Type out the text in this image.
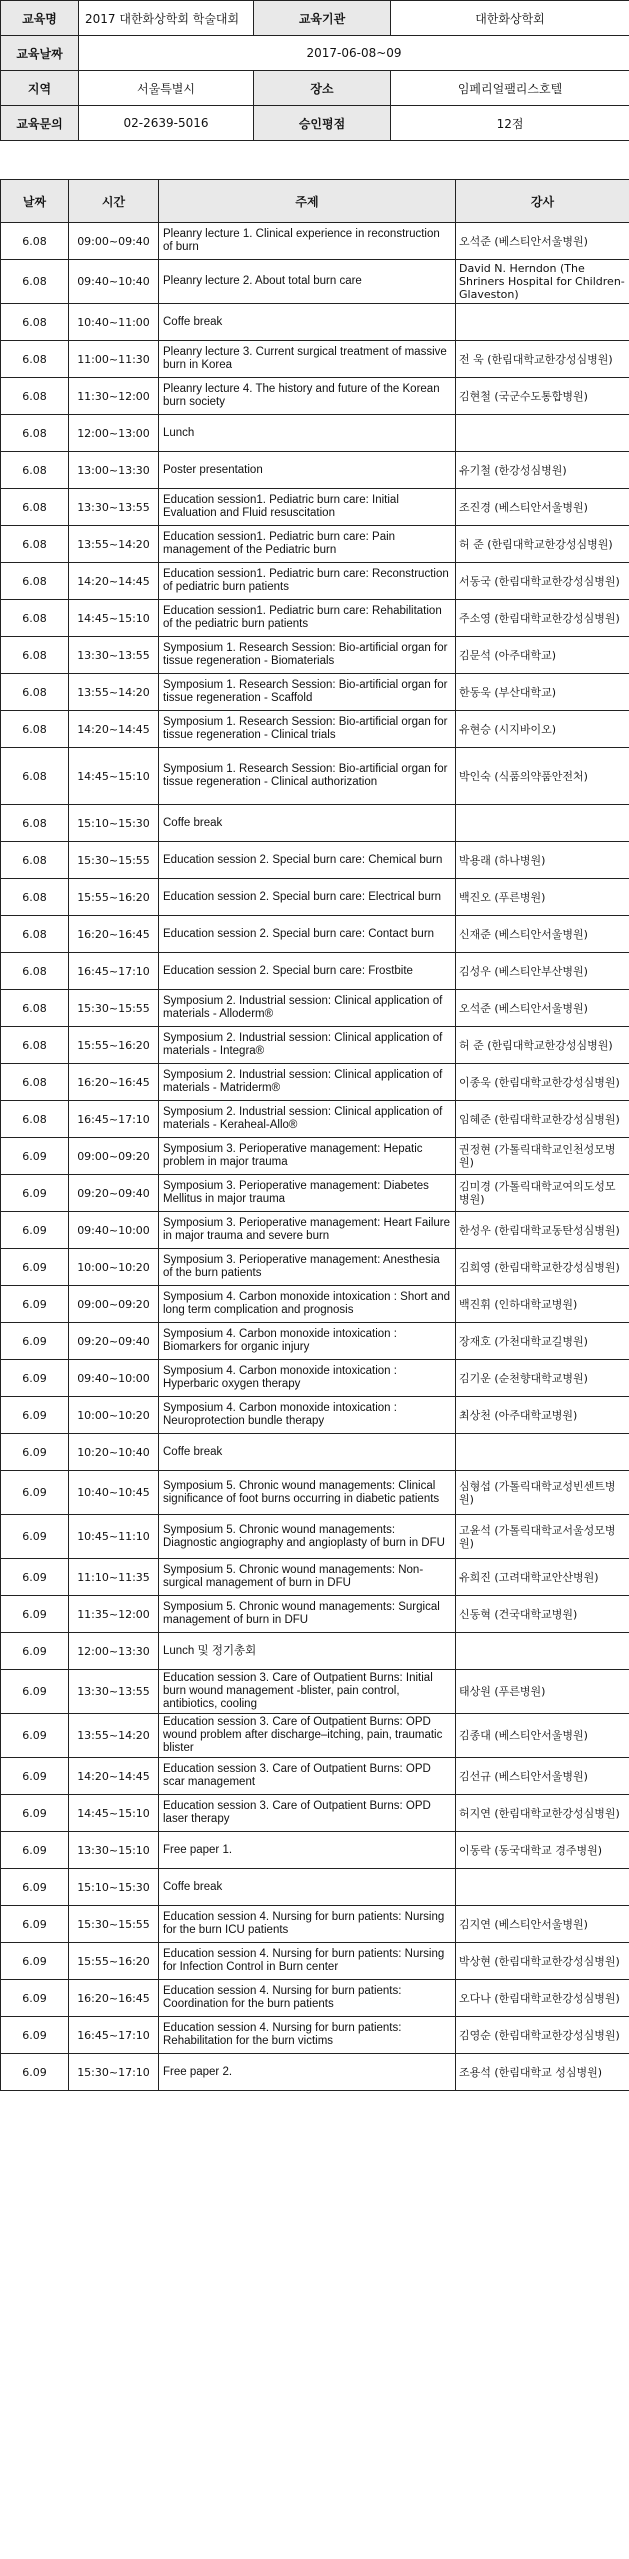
교육명	2017 대한화상학회 학술대회	교육기관	대한화상학회
교육날짜	2017-06-08~09		
지역	서울특별시	장소	임페리얼팰리스호텔
교육문의	02-2639-5016	승인평점	12점
날짜	시간	주제	강사
6.08	09:00~09:40	Pleanry lecture 1. Clinical experience in reconstruction of burn	오석준 (베스티안서울병원)
6.08	09:40~10:40	Pleanry lecture 2. About total burn care	David N. Herndon (The Shriners Hospital for Children-Glaveston)
6.08	10:40~11:00	Coffe break	
6.08	11:00~11:30	Pleanry lecture 3. Current surgical treatment of massive burn in Korea	전 욱 (한림대학교한강성심병원)
6.08	11:30~12:00	Pleanry lecture 4. The history and future of the Korean burn society	김현철 (국군수도통합병원)
6.08	12:00~13:00	Lunch	
6.08	13:00~13:30	Poster presentation	유기철 (한강성심병원)
6.08	13:30~13:55	Education session1. Pediatric burn care: Initial Evaluation and Fluid resuscitation	조진경 (베스티안서울병원)
6.08	13:55~14:20	Education session1. Pediatric burn care: Pain management of the Pediatric burn	허 준 (한림대학교한강성심병원)
6.08	14:20~14:45	Education session1. Pediatric burn care: Reconstruction of pediatric burn patients	서동국 (한림대학교한강성심병원)
6.08	14:45~15:10	Education session1. Pediatric burn care: Rehabilitation of the pediatric burn patients	주소영 (한림대학교한강성심병원)
6.08	13:30~13:55	Symposium 1. Research Session: Bio-artificial organ for tissue regeneration - Biomaterials	김문석 (아주대학교)
6.08	13:55~14:20	Symposium 1. Research Session: Bio-artificial organ for tissue regeneration - Scaffold	한동욱 (부산대학교)
6.08	14:20~14:45	Symposium 1. Research Session: Bio-artificial organ for tissue regeneration - Clinical trials	유현승 (시지바이오)
6.08	14:45~15:10	Symposium 1. Research Session: Bio-artificial organ for tissue regeneration - Clinical authorization	박인숙 (식품의약품안전처)
6.08	15:10~15:30	Coffe break	
6.08	15:30~15:55	Education session 2. Special burn care: Chemical burn	박용래 (하나병원)
6.08	15:55~16:20	Education session 2. Special burn care: Electrical burn	백진오 (푸른병원)
6.08	16:20~16:45	Education session 2. Special burn care: Contact burn	신재준 (베스티안서울병원)
6.08	16:45~17:10	Education session 2. Special burn care: Frostbite	김성우 (베스티안부산병원)
6.08	15:30~15:55	Symposium 2. Industrial session: Clinical application of materials - Alloderm®	오석준 (베스티안서울병원)
6.08	15:55~16:20	Symposium 2. Industrial session: Clinical application of materials - Integra®	허 준 (한림대학교한강성심병원)
6.08	16:20~16:45	Symposium 2. Industrial session: Clinical application of materials - Matriderm®	이종욱 (한림대학교한강성심병원)
6.08	16:45~17:10	Symposium 2. Industrial session: Clinical application of materials - Keraheal-Allo®	임혜준 (한림대학교한강성심병원)
6.09	09:00~09:20	Symposium 3. Perioperative management: Hepatic problem in major trauma	권정현 (가톨릭대학교인천성모병원)
6.09	09:20~09:40	Symposium 3. Perioperative management: Diabetes Mellitus in major trauma	김미경 (가톨릭대학교여의도성모병원)
6.09	09:40~10:00	Symposium 3. Perioperative management: Heart Failure in major trauma and severe burn	한성우 (한림대학교동탄성심병원)
6.09	10:00~10:20	Symposium 3. Perioperative management: Anesthesia of the burn patients	김희영 (한림대학교한강성심병원)
6.09	09:00~09:20	Symposium 4. Carbon monoxide intoxication : Short and long term complication and prognosis	백진휘 (인하대학교병원)
6.09	09:20~09:40	Symposium 4. Carbon monoxide intoxication : Biomarkers for organic injury	장재호 (가천대학교길병원)
6.09	09:40~10:00	Symposium 4. Carbon monoxide intoxication : Hyperbaric oxygen therapy	김기운 (순천향대학교병원)
6.09	10:00~10:20	Symposium 4. Carbon monoxide intoxication : Neuroprotection bundle therapy	최상천 (아주대학교병원)
6.09	10:20~10:40	Coffe break	
6.09	10:40~10:45	Symposium 5. Chronic wound managements: Clinical significance of foot burns occurring in diabetic patients	심형섭 (가톨릭대학교성빈센트병원)
6.09	10:45~11:10	Symposium 5. Chronic wound managements: Diagnostic angiography and angioplasty of burn in DFU	고윤석 (가톨릭대학교서울성모병원)
6.09	11:10~11:35	Symposium 5. Chronic wound managements: Non-surgical management of burn in DFU	유희진 (고려대학교안산병원)
6.09	11:35~12:00	Symposium 5. Chronic wound managements: Surgical management of burn in DFU	신동혁 (건국대학교병원)
6.09	12:00~13:30	Lunch 및 정기총회	
6.09	13:30~13:55	Education session 3. Care of Outpatient Burns: Initial burn wound management -blister, pain control, antibiotics, cooling	태상원 (푸른병원)
6.09	13:55~14:20	Education session 3. Care of Outpatient Burns: OPD wound problem after discharge–itching, pain, traumatic blister	김종대 (베스티안서울병원)
6.09	14:20~14:45	Education session 3. Care of Outpatient Burns: OPD scar management	김선규 (베스티안서울병원)
6.09	14:45~15:10	Education session 3. Care of Outpatient Burns: OPD laser therapy	허지연 (한림대학교한강성심병원)
6.09	13:30~15:10	Free paper 1.	이동락 (동국대학교 경주병원)
6.09	15:10~15:30	Coffe break	
6.09	15:30~15:55	Education session 4. Nursing for burn patients: Nursing for the burn ICU patients	김지연 (베스티안서울병원)
6.09	15:55~16:20	Education session 4. Nursing for burn patients: Nursing for Infection Control in Burn center	박상현 (한림대학교한강성심병원)
6.09	16:20~16:45	Education session 4. Nursing for burn patients: Coordination for the burn patients	오다나 (한림대학교한강성심병원)
6.09	16:45~17:10	Education session 4. Nursing for burn patients: Rehabilitation for the burn victims	김영순 (한림대학교한강성심병원)
6.09	15:30~17:10	Free paper 2.	조용석 (한림대학교 성심병원)
